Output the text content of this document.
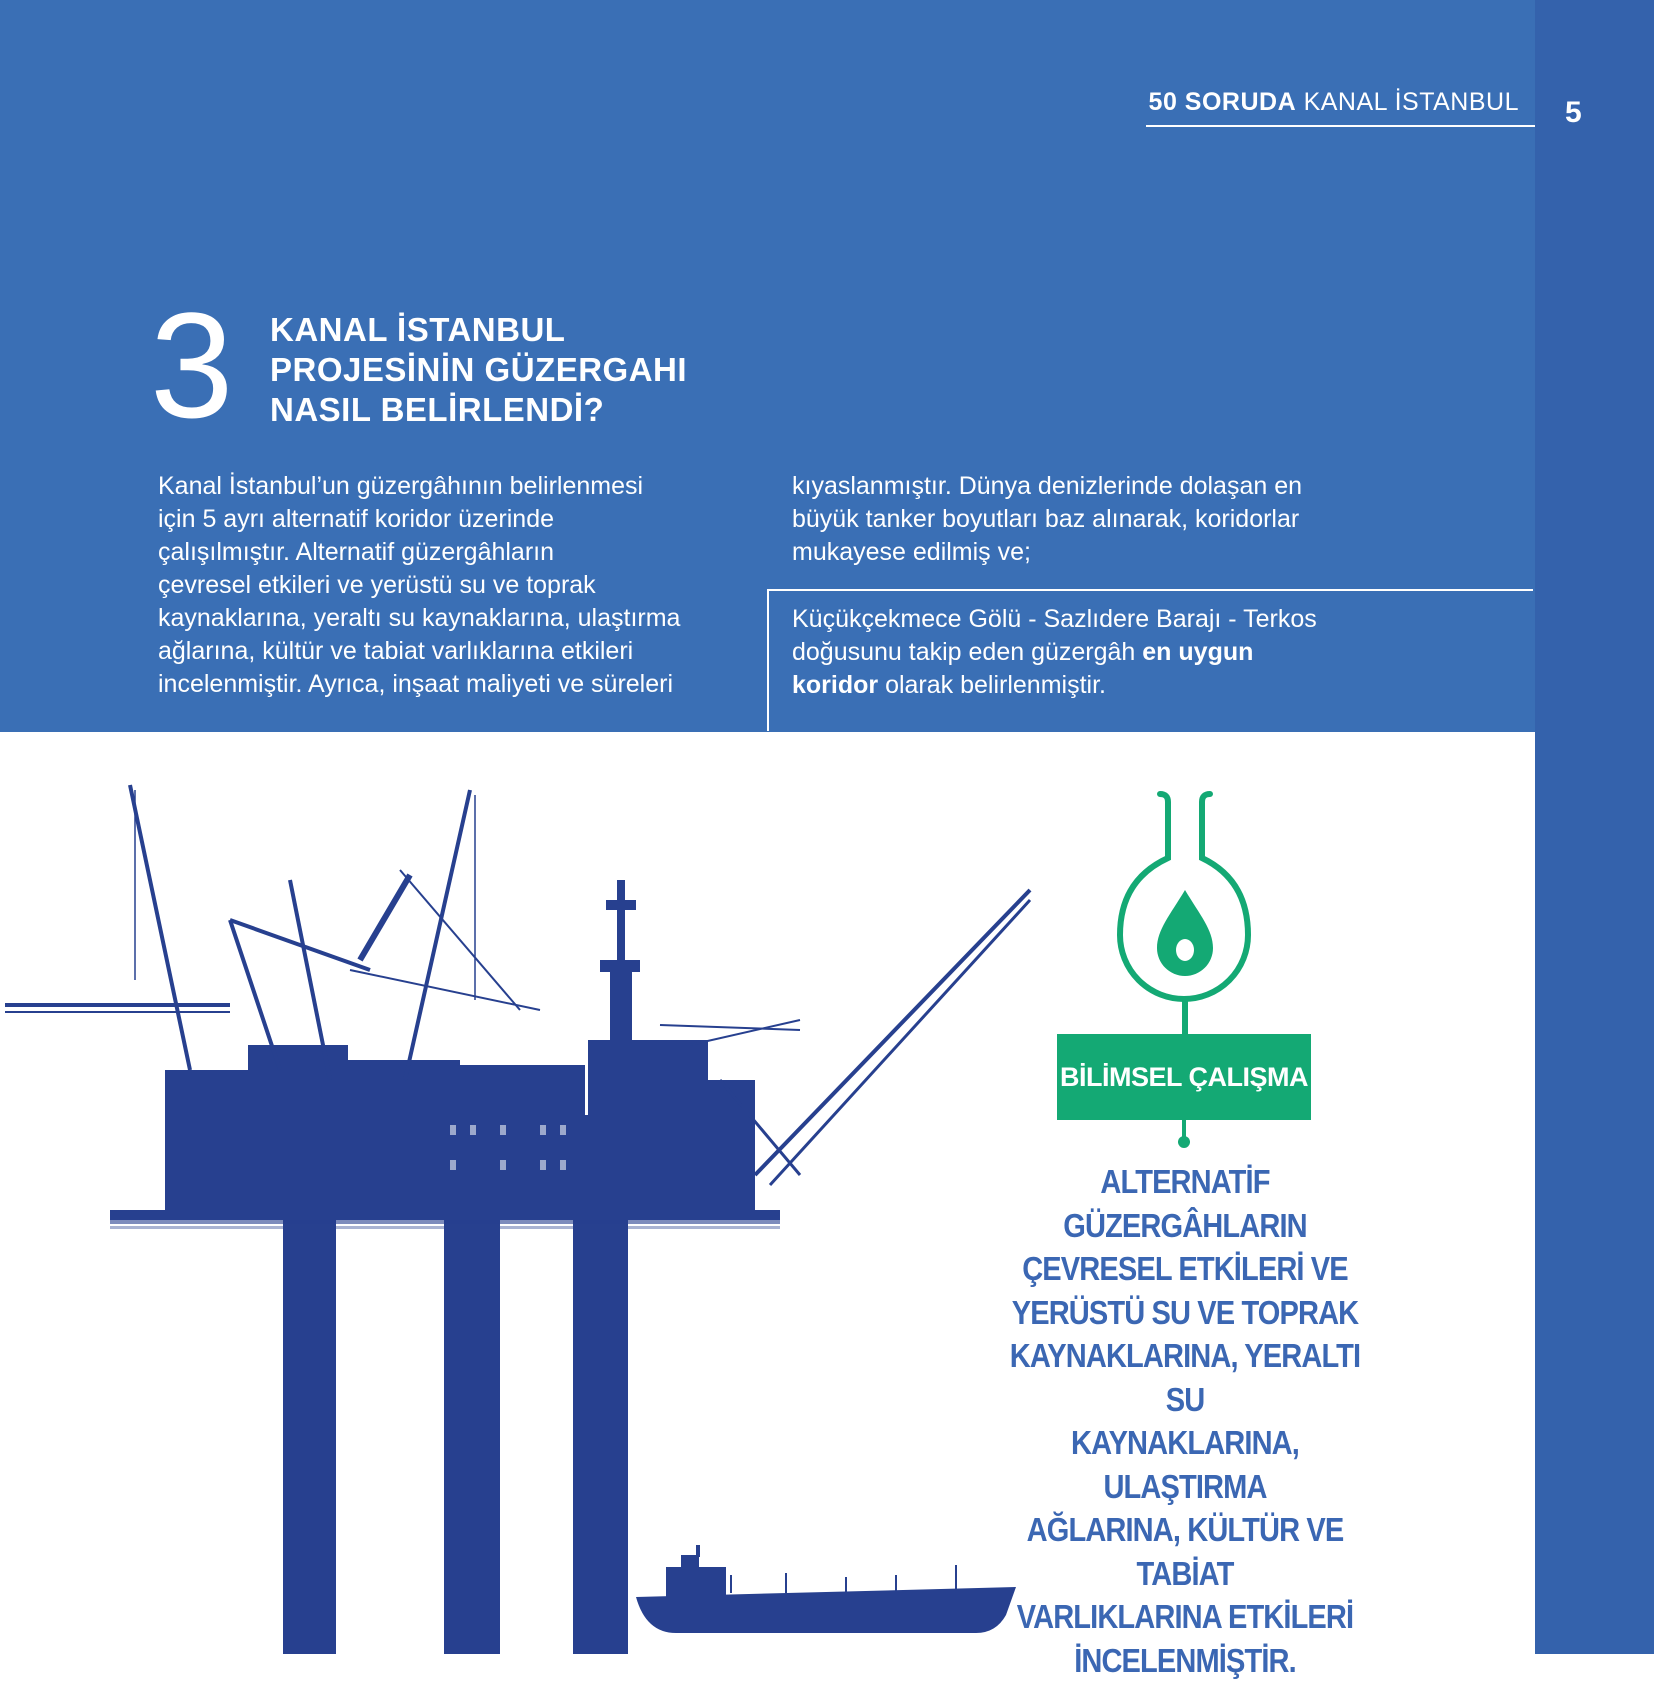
50 SORUDA KANAL İSTANBUL 5
3 KANAL İSTANBUL
PROJESİNİN GÜZERGAHI
NASIL BELİRLENDİ?
Kanal İstanbul’un güzergâhının belirlenmesi
için 5 ayrı alternatif koridor üzerinde
çalışılmıştır. Alternatif güzergâhların
çevresel etkileri ve yerüstü su ve toprak
kaynaklarına, yeraltı su kaynaklarına, ulaştırma
ağlarına, kültür ve tabiat varlıklarına etkileri
incelenmiştir. Ayrıca, inşaat maliyeti ve süreleri
kıyaslanmıştır. Dünya denizlerinde dolaşan en
büyük tanker boyutları baz alınarak, koridorlar
mukayese edilmiş ve;
Küçükçekmece Gölü - Sazlıdere Barajı - Terkos
doğusunu takip eden güzergâh en uygun
koridor olarak belirlenmiştir.
BİLİMSEL ÇALIŞMA
ALTERNATİF GÜZERGÂHLARIN
ÇEVRESEL ETKİLERİ VE
YERÜSTÜ SU VE TOPRAK
KAYNAKLARINA, YERALTI SU
KAYNAKLARINA, ULAŞTIRMA
AĞLARINA, KÜLTÜR VE TABİAT
VARLIKLARINA ETKİLERİ
İNCELENMİŞTİR.
